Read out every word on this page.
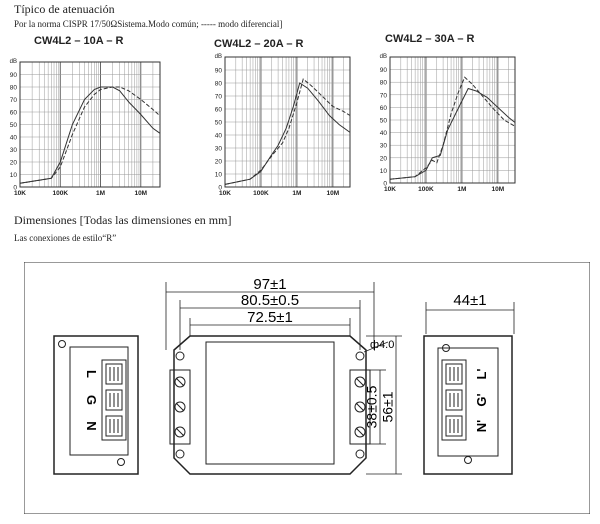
Típico de atenuación
Por la norma CISPR 17/50ΩSistema.Modo común; ----- modo diferencial]
CW4L2 – 10A – R	CW4L2 – 20A – R	CW4L2 – 30A – R
0
10
20
30
40
50
60
70
80
90
dB
10K	100K	1M	10M
0
10
20
30
40
50
60
70
80
90
dB
10K	100K	1M	10M
0
10
20
30
40
50
60
70
80
90
dB
10K	100K	1M	10M
Dimensiones [Todas las dimensiones en mm]
Las conexiones de estilo“R”
L
G
N
97±1
80.5±0.5
72.5±1
ф4.0
38±0.5 56±1
44±1
L'
G'
N'
